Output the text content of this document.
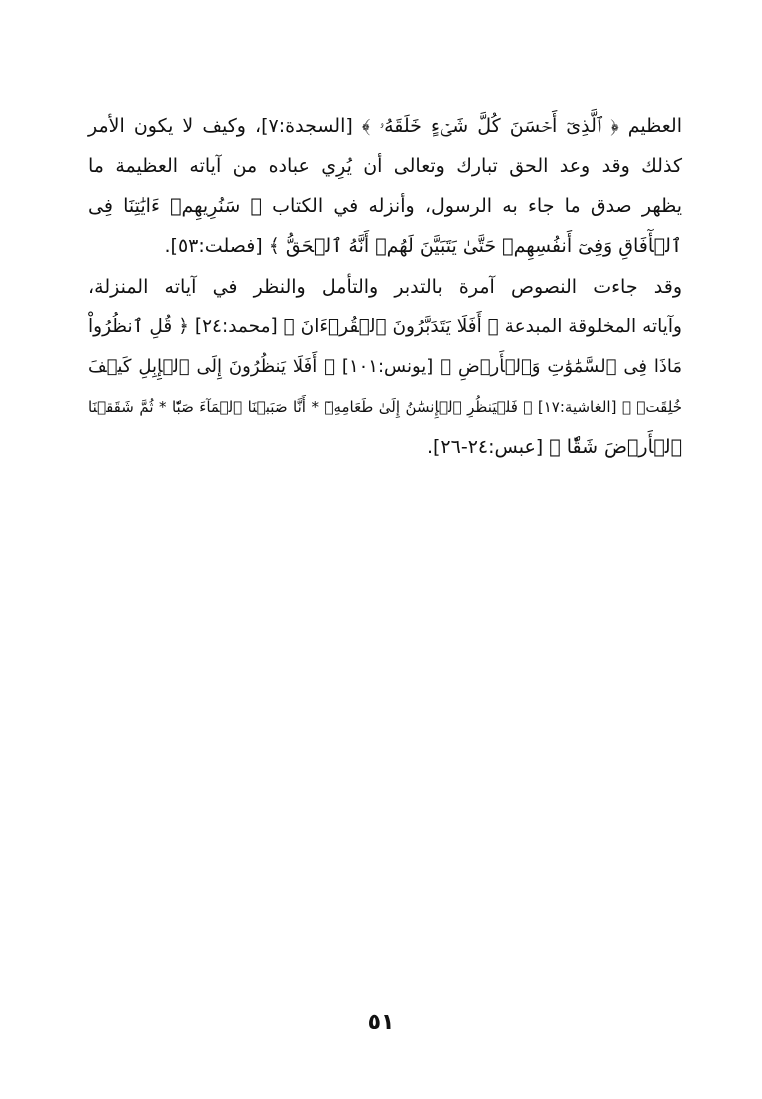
العظيم ﴿ ٱلَّذِىٓ أَحۡسَنَ كُلَّ شَىۡءٍ خَلَقَهُۥ ﴾ [السجدة:٧]، وكيف لا يكون الأمر
كذلك وقد وعد الحق تبارك وتعالى أن يُرِي عباده من آياته العظيمة ما
يظهر صدق ما جاء به الرسول، وأنزله في الكتاب ﴿ سَنُرِيهِمۡ ءَايَٰتِنَا فِى
ٱلۡأٓفَاقِ وَفِىٓ أَنفُسِهِمۡ حَتَّىٰ يَتَبَيَّنَ لَهُمۡ أَنَّهُ ٱلۡحَقُّ ﴾ [فصلت:٥٣].
وقد جاءت النصوص آمرة بالتدبر والتأمل والنظر في آياته المنزلة،
وآياته المخلوقة المبدعة ﴿ أَفَلَا يَتَدَبَّرُونَ ٱلۡقُرۡءَانَ ﴾ [محمد:٢٤] ﴿ قُلِ ٱنظُرُواْ
مَاذَا فِى ٱلسَّمَٰوَٰتِ وَٱلۡأَرۡضِ ﴾ [يونس:١٠١] ﴿ أَفَلَا يَنظُرُونَ إِلَى ٱلۡإِبِلِ كَيۡفَ
خُلِقَتۡ ﴾ [الغاشية:١٧] ﴿ فَلۡيَنظُرِ ٱلۡإِنسَٰنُ إِلَىٰ طَعَامِهِۦٓ * أَنَّا صَبَبۡنَا ٱلۡمَآءَ صَبّٗا * ثُمَّ شَقَقۡنَا
ٱلۡأَرۡضَ شَقّٗا ﴾ [عبس:٢٤-٢٦].
٥١
